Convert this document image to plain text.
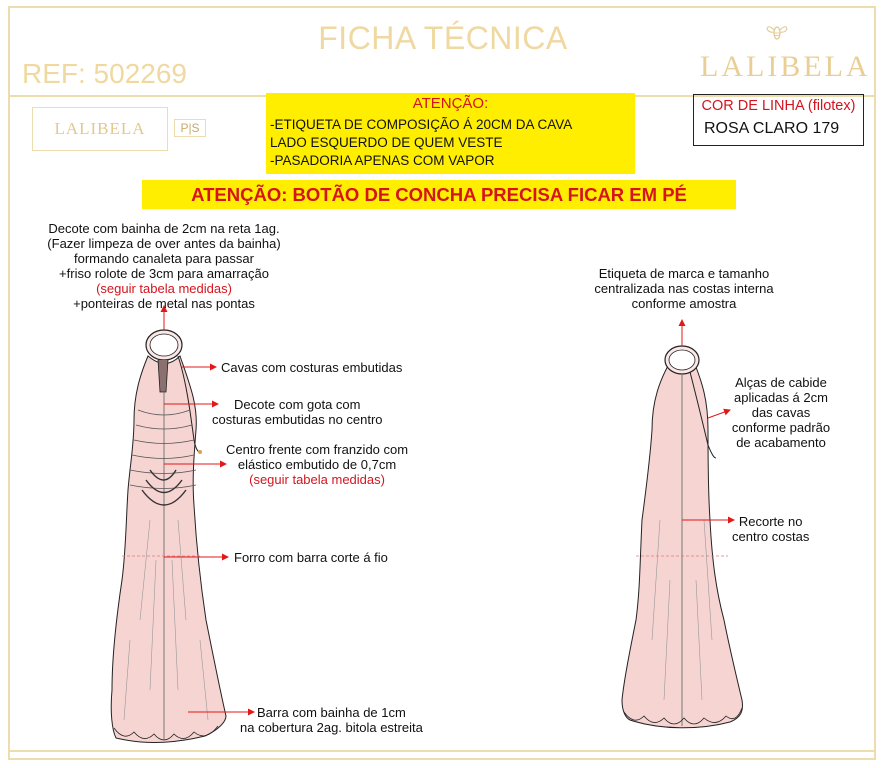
FICHA TÉCNICA
REF: 502269	LALIBELA
LALIBELA	P|S
ATENÇÃO:
-ETIQUETA DE COMPOSIÇÃO Á 20CM DA CAVA
LADO ESQUERDO DE QUEM VESTE
-PASADORIA APENAS COM VAPOR
COR DE LINHA (filotex)
ROSA CLARO 179
ATENÇÃO: BOTÃO DE CONCHA PRECISA FICAR EM PÉ
Decote com bainha de 2cm na reta 1ag.
(Fazer limpeza de over antes da bainha)
formando canaleta para passar
+friso rolote de 3cm para amarração
(seguir tabela medidas)
+ponteiras de metal nas pontas
Cavas com costuras embutidas
Decote com gota com
costuras embutidas no centro
Centro frente com franzido com
elástico embutido de 0,7cm
(seguir tabela medidas)
Forro com barra corte á fio
Barra com bainha de 1cm
na cobertura 2ag. bitola estreita
Etiqueta de marca e tamanho
centralizada nas costas interna
conforme amostra
Alças de cabide
aplicadas á 2cm
das cavas
conforme padrão
de acabamento
Recorte no
centro costas
